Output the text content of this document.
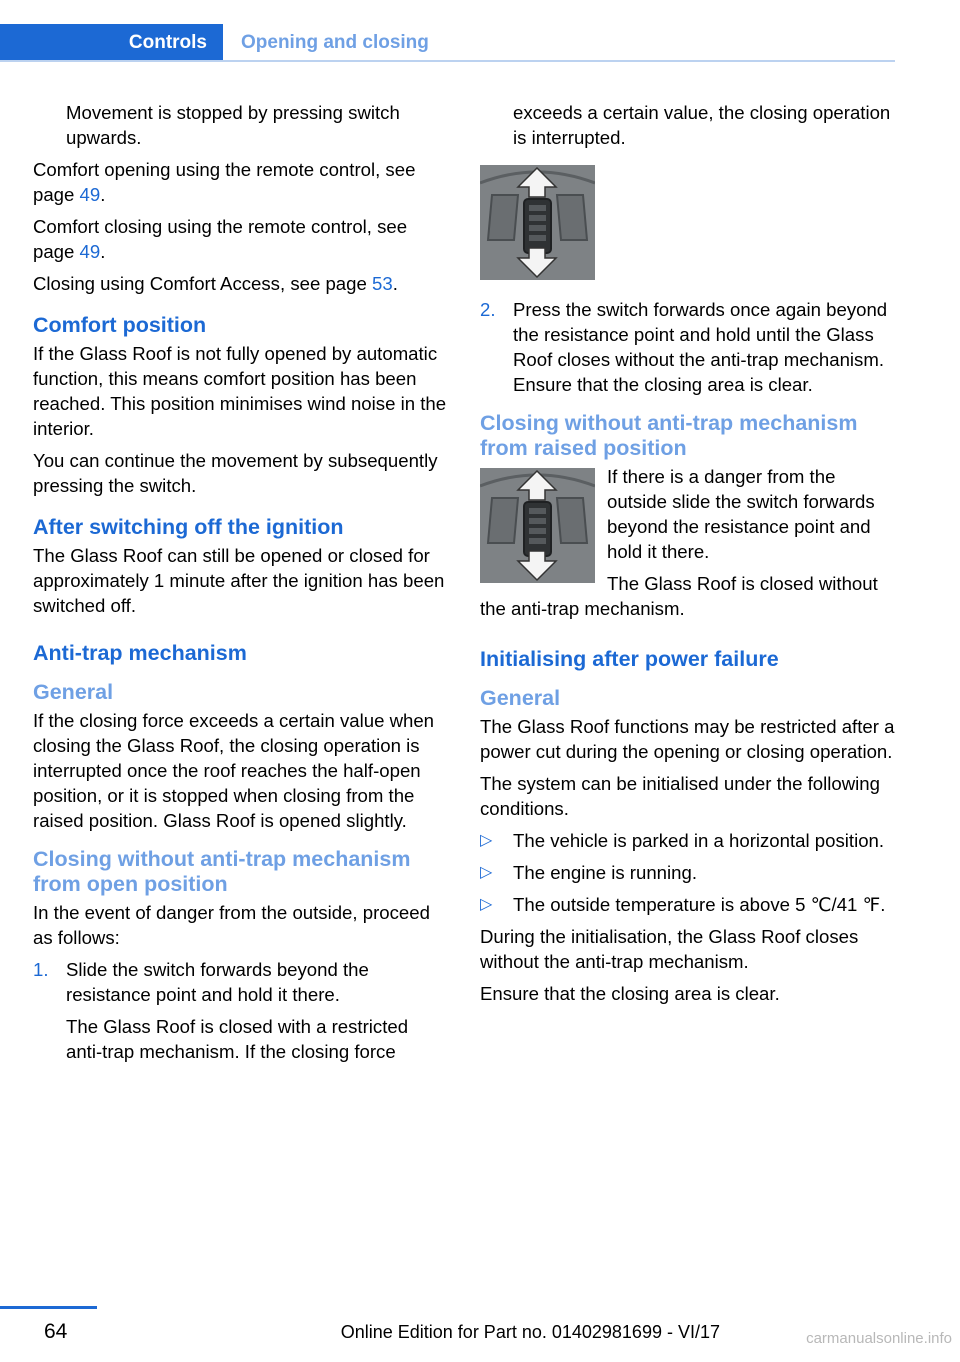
Controls	Opening and closing

Movement is stopped by pressing switch upwards.

Comfort opening using the remote control, see page 49.

Comfort closing using the remote control, see page 49.

Closing using Comfort Access, see page 53.

Comfort position

If the Glass Roof is not fully opened by automatic function, this means comfort position has been reached. This position minimises wind noise in the interior.

You can continue the movement by subsequently pressing the switch.

After switching off the ignition

The Glass Roof can still be opened or closed for approximately 1 minute after the ignition has been switched off.

Anti-trap mechanism
General

If the closing force exceeds a certain value when closing the Glass Roof, the closing operation is interrupted once the roof reaches the half-open position, or it is stopped when closing from the raised position. Glass Roof is opened slightly.

Closing without anti-trap mechanism from open position

In the event of danger from the outside, proceed as follows:

1. Slide the switch forwards beyond the resistance point and hold it there.

The Glass Roof is closed with a restricted anti-trap mechanism. If the closing force

exceeds a certain value, the closing operation is interrupted.

2. Press the switch forwards once again beyond the resistance point and hold until the Glass Roof closes without the anti-trap mechanism. Ensure that the closing area is clear.

Closing without anti-trap mechanism from raised position

If there is a danger from the outside slide the switch forwards beyond the resistance point and hold it there.

The Glass Roof is closed without the anti-trap mechanism.

Initialising after power failure
General

The Glass Roof functions may be restricted after a power cut during the opening or closing operation.

The system can be initialised under the following conditions.

▷ The vehicle is parked in a horizontal position.
▷ The engine is running.
▷ The outside temperature is above 5 ℃/41 ℉.

During the initialisation, the Glass Roof closes without the anti-trap mechanism.

Ensure that the closing area is clear.

64	Online Edition for Part no. 01402981699 - VI/17	carmanualsonline.info
